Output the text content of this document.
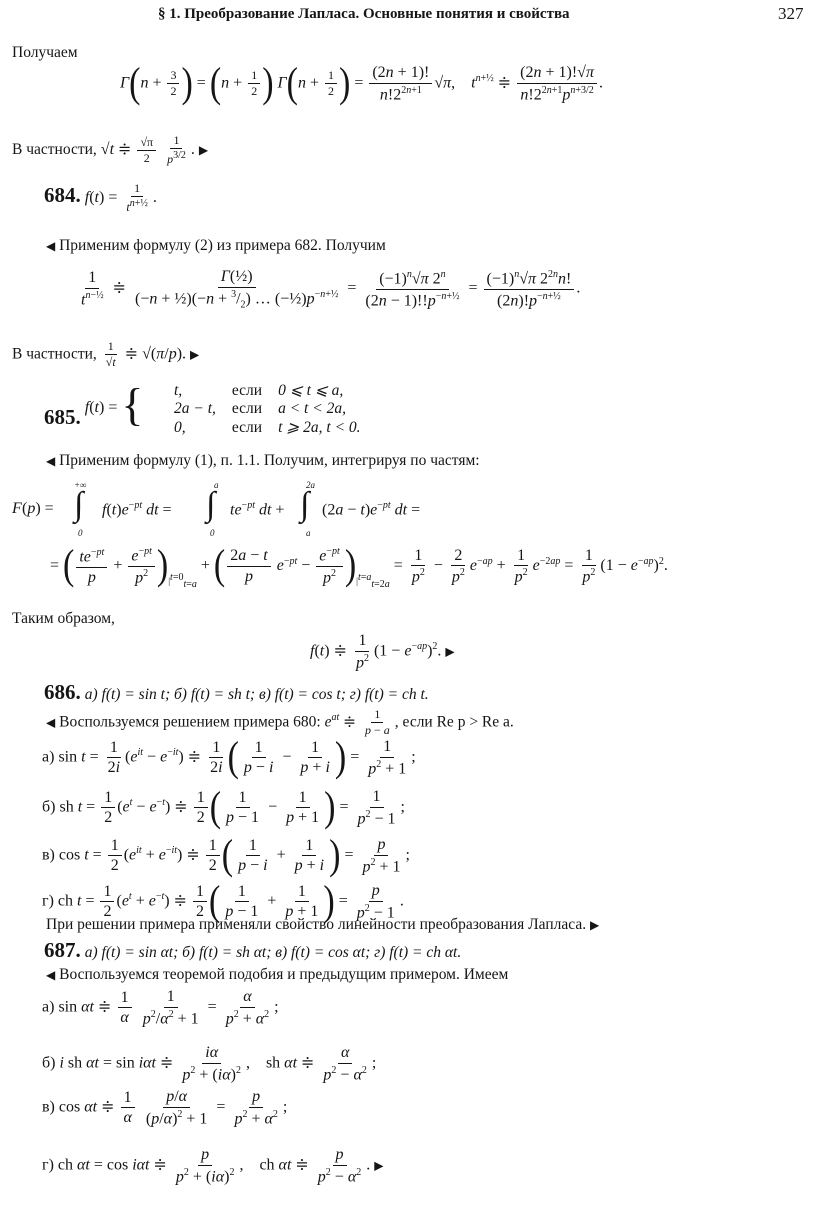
§ 1. Преобразование Лапласа. Основные понятия и свойства	327
Получаем
$\Gamma(n + \frac{3}{2}$ ) = ($n + \frac{1}{2}$ ) $\Gamma(n + \frac{1}{2}$ ) = $\frac{(2n + 1)!}{n!2^{2n+1}} √\pi$,    $t^{n+\frac{1}{2}}$ ≑ $\frac{(2n + 1)!√\pi}{n!2^{2n+1}p^{n+3/2}}$ .
В частности, √t ≑ $\frac{√\pi}{2}$
$\frac{1}{p^{3/2}}$ . ▶
684. $f(t) = \frac{1}{t^{n+\frac{1}{2}}}$ .
◀ Применим формулу (2) из примера 682. Получим
$\frac{1}{t^{n-\frac{1}{2}}}$ ≑ $\frac{\text{Γ(½)}}{(-n + \frac{1}{2})(-n + ^3/_2) \dots (-\frac{1}{2})p^{-n+\frac{1}{2}}} = \frac{(-1)^n√\pi 2^n}{(2n - 1)!!p^{-n+\frac{1}{2}}} = \frac{(-1)^n√\pi 2^{2n}n!}{(2n)!p^{-n+\frac{1}{2}}}$ .
В частности, $\frac{1}{√t}$ ≑ √(π/p). ▶
685. f(t) = { t,	если	0 ⩽ t ⩽ a,
2a − t,	если	a < t < 2a,
0,	если	t ⩾ 2a, t < 0.
◀ Применим формулу (1), п. 1.1. Получим, интегрируя по частям:
F (p) = ∫
+∞
0
$f(t)e^{-pt}$ dt = ∫
a
0
$te^{-pt}$ dt + ∫
2a
a
$(2a - t)e^{-pt}$ dt =
= ( $\frac{te^{-pt}}{p} + \frac{e^{-pt}}{p^2} )_{|^{t=0}_{t=a}}$ + ( $\frac{2a - t}{p} e^{-pt} - \frac{e^{-pt}}{p^2} )_{|^{t=a}_{t=2a}} = \frac{1}{p^2} - \frac{2}{p^2} e^{-ap} + \frac{1}{p^2} e^{-2ap} = \frac{1}{p^2} (1 - e^{-ap})^2$.
Таким образом,
f(t) ≑ $\frac{1}{p^2} (1 - e^{-ap})^2$. ▶
686. а) f(t) = sin t; б) f(t) = sh t; в) f(t) = cos t; г) f(t) = ch t.
◀ Воспользуемся решением примера 680: $e^{at}$ ≑ $\frac{1}{p - a}$ , если Re p > Re a.
а) $\sin t = \frac{1}{2i} (e^{it} - e^{-it})$ ≑ $\frac{1}{2i}$ ( $\frac{1}{p - i} - \frac{1}{p + i}$ ) = $\frac{1}{p^2 + 1}$ ;
б) sh $t = \frac{1}{2} (e^t - e^{-t})$ ≑ $\frac{1}{2}$ ( $\frac{1}{p - 1} - \frac{1}{p + 1}$ ) = $\frac{1}{p^2 - 1}$ ;
в) $\cos t = \frac{1}{2} (e^{it} + e^{-it})$ ≑ $\frac{1}{2}$ ( $\frac{1}{p - i} + \frac{1}{p + i}$ ) = $\frac{p}{p^2 + 1}$ ;
г) ch $t = \frac{1}{2} (e^t + e^{-t})$ ≑ $\frac{1}{2}$ ( $\frac{1}{p - 1} + \frac{1}{p + 1}$ ) = $\frac{p}{p^2 - 1}$ .
При решении примера применяли свойство линейности преобразования Лапласа. ▶
687. а) f(t) = sin αt; б) f(t) = sh αt; в) f(t) = cos αt; г) f(t) = ch αt.
◀ Воспользуемся теоремой подобия и предыдущим примером. Имеем
а) sin αt ≑ $\frac{1}{\alpha}$
$\frac{1}{p^2/\alpha^2 + 1} = \frac{\alpha}{p^2 + \alpha^2}$ ;
б) i sh αt = sin iαt ≑ $\frac{i\alpha}{p^2 + (i\alpha)^2}$ ,    sh αt ≑ $\frac{\alpha}{p^2 - \alpha^2}$ ;
в) cos αt ≑ $\frac{1}{\alpha}$
$\frac{p/\alpha}{(p/\alpha)^2 + 1} = \frac{p}{p^2 + \alpha^2}$ ;
г) ch αt = cos iαt ≑ $\frac{p}{p^2 + (i\alpha)^2}$ ,    ch αt ≑ $\frac{p}{p^2 - \alpha^2}$ . ▶
